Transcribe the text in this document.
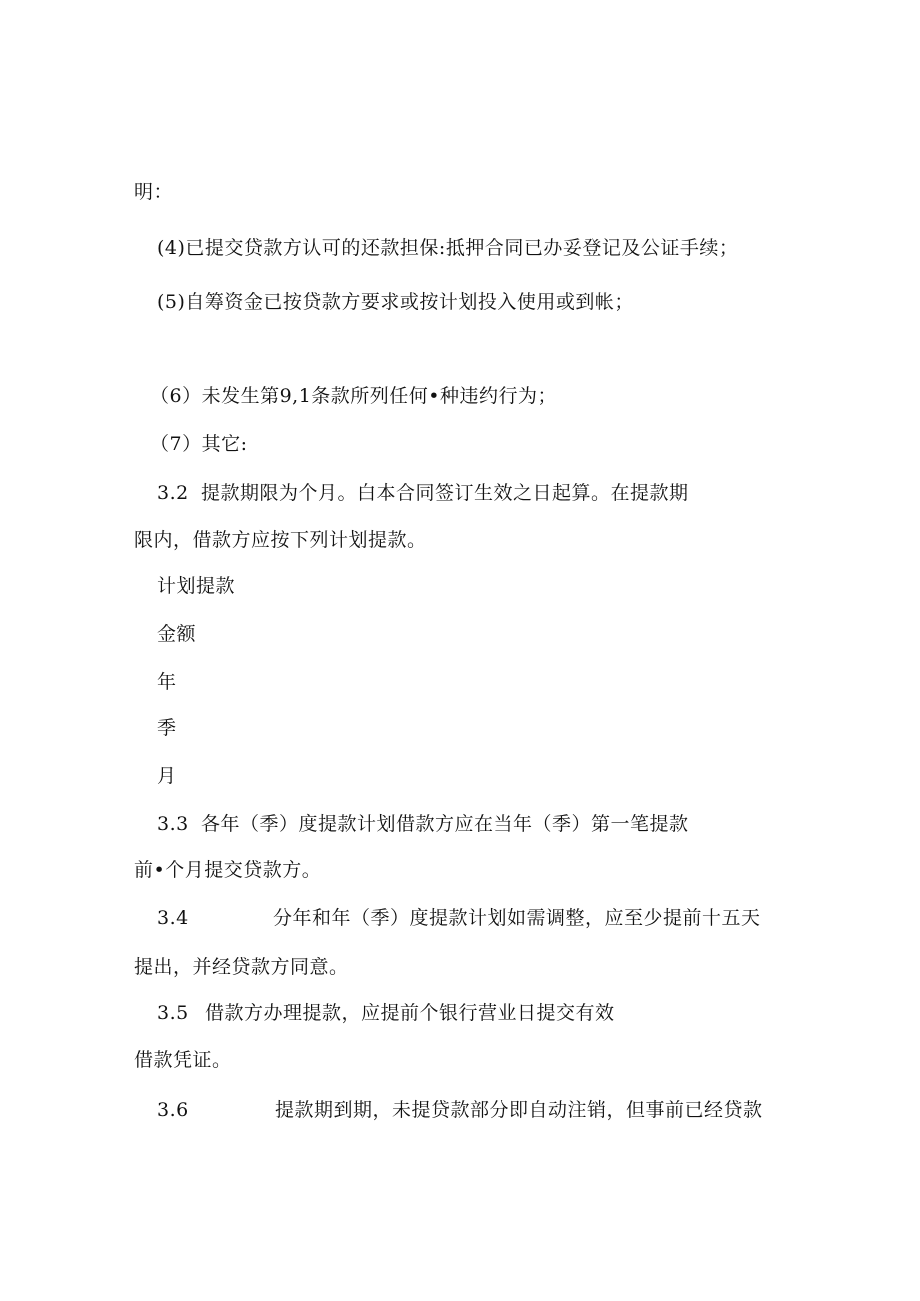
明：
(4)已提交贷款方认可的还款担保:抵押合同已办妥登记及公证手续；
(5)自筹资金已按贷款方要求或按计划投入使用或到帐；
（6）未发生第9,1条款所列任何•种违约行为；
（7）其它:
3.2 提款期限为个月。白本合同签订生效之日起算。在提款期
限内，借款方应按下列计划提款。
计划提款
金额
年
季
月
3.3 各年（季）度提款计划借款方应在当年（季）第一笔提款
前•个月提交贷款方。
3.4	分年和年（季）度提款计划如需调整，应至少提前十五天
提出，并经贷款方同意。
3.5 借款方办理提款，应提前个银行营业日提交有效
借款凭证。
3.6	提款期到期，未提贷款部分即自动注销，但事前已经贷款
